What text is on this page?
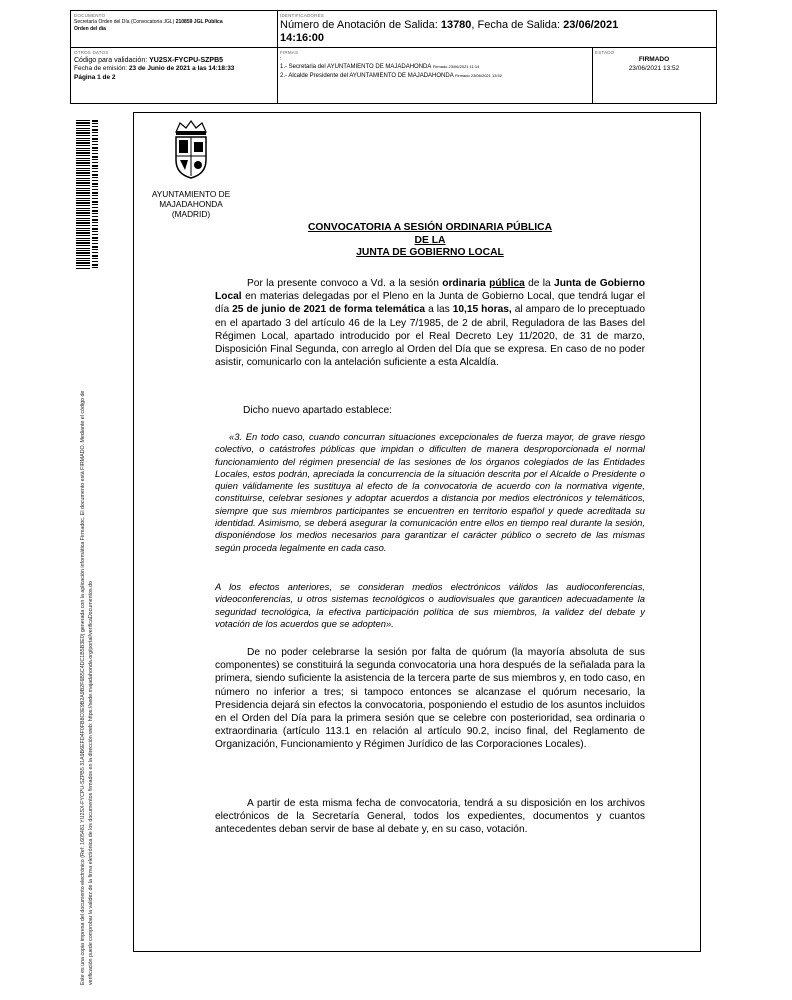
DOCUMENTO
Secretaría Orden del Día (Convocatoria JGL) 210859 JGL Pública
Orden del día
IDENTIFICADORES
Número de Anotación de Salida: 13780, Fecha de Salida: 23/06/2021
14:16:00
OTROS DATOS
Código para validación: YU2SX-FYCPU-SZPB5
Fecha de emisión: 23 de Junio de 2021 a las 14:18:33
Página 1 de 2
FIRMAS
:
1.- Secretaria del AYUNTAMIENTO DE MAJADAHONDA Firmado 23/06/2021 11:14
2.- Alcalde Presidente del AYUNTAMIENTO DE MAJADAHONDA Firmado 23/06/2021 13:52
ESTADO
FIRMADO
23/06/2021 13:52
Este es una copia impresa del documento electrónico (Ref: 1605481 YU2SX-FYCPU-SZPB5 31A9B6EFD4F0FB8C0E9B2A9B2F6B5C4DC1B5B3E0) generada con la aplicación informática Firmadoc. El documento está FIRMADO. Mediante el código de verificación puede comprobar la validez de la firma electrónica de los documentos firmados en la dirección web: https://sede.majadahonda.org/portal/verificaDocumentos.do
AYUNTAMIENTO DE
MAJADAHONDA
(MADRID)
CONVOCATORIA A SESIÓN ORDINARIA PÚBLICA
DE LA
JUNTA DE GOBIERNO LOCAL
Por la presente convoco a Vd. a la sesión ordinaria pública de la Junta de Gobierno Local en materias delegadas por el Pleno en la Junta de Gobierno Local, que tendrá lugar el día 25 de junio de 2021 de forma telemática a las 10,15 horas, al amparo de lo preceptuado en el apartado 3 del artículo 46 de la Ley 7/1985, de 2 de abril, Reguladora de las Bases del Régimen Local, apartado introducido por el Real Decreto Ley 11/2020, de 31 de marzo, Disposición Final Segunda, con arreglo al Orden del Día que se expresa. En caso de no poder asistir, comunicarlo con la antelación suficiente a esta Alcaldía.
Dicho nuevo apartado establece:
«3. En todo caso, cuando concurran situaciones excepcionales de fuerza mayor, de grave riesgo colectivo, o catástrofes públicas que impidan o dificulten de manera desproporcionada el normal funcionamiento del régimen presencial de las sesiones de los órganos colegiados de las Entidades Locales, estos podrán, apreciada la concurrencia de la situación descrita por el Alcalde o Presidente o quien válidamente les sustituya al efecto de la convocatoria de acuerdo con la normativa vigente, constituirse, celebrar sesiones y adoptar acuerdos a distancia por medios electrónicos y telemáticos, siempre que sus miembros participantes se encuentren en territorio español y quede acreditada su identidad. Asimismo, se deberá asegurar la comunicación entre ellos en tiempo real durante la sesión, disponiéndose los medios necesarios para garantizar el carácter público o secreto de las mismas según proceda legalmente en cada caso.
A los efectos anteriores, se consideran medios electrónicos válidos las audioconferencias, videoconferencias, u otros sistemas tecnológicos o audiovisuales que garanticen adecuadamente la seguridad tecnológica, la efectiva participación política de sus miembros, la validez del debate y votación de los acuerdos que se adopten».
De no poder celebrarse la sesión por falta de quórum (la mayoría absoluta de sus componentes) se constituirá la segunda convocatoria una hora después de la señalada para la primera, siendo suficiente la asistencia de la tercera parte de sus miembros y, en todo caso, en número no inferior a tres; si tampoco entonces se alcanzase el quórum necesario, la Presidencia dejará sin efectos la convocatoria, posponiendo el estudio de los asuntos incluidos en el Orden del Día para la primera sesión que se celebre con posterioridad, sea ordinaria o extraordinaria (artículo 113.1 en relación al artículo 90.2, inciso final, del Reglamento de Organización, Funcionamiento y Régimen Jurídico de las Corporaciones Locales).
A partir de esta misma fecha de convocatoria, tendrá a su disposición en los archivos electrónicos de la Secretaría General, todos los expedientes, documentos y cuantos antecedentes deban servir de base al debate y, en su caso, votación.
